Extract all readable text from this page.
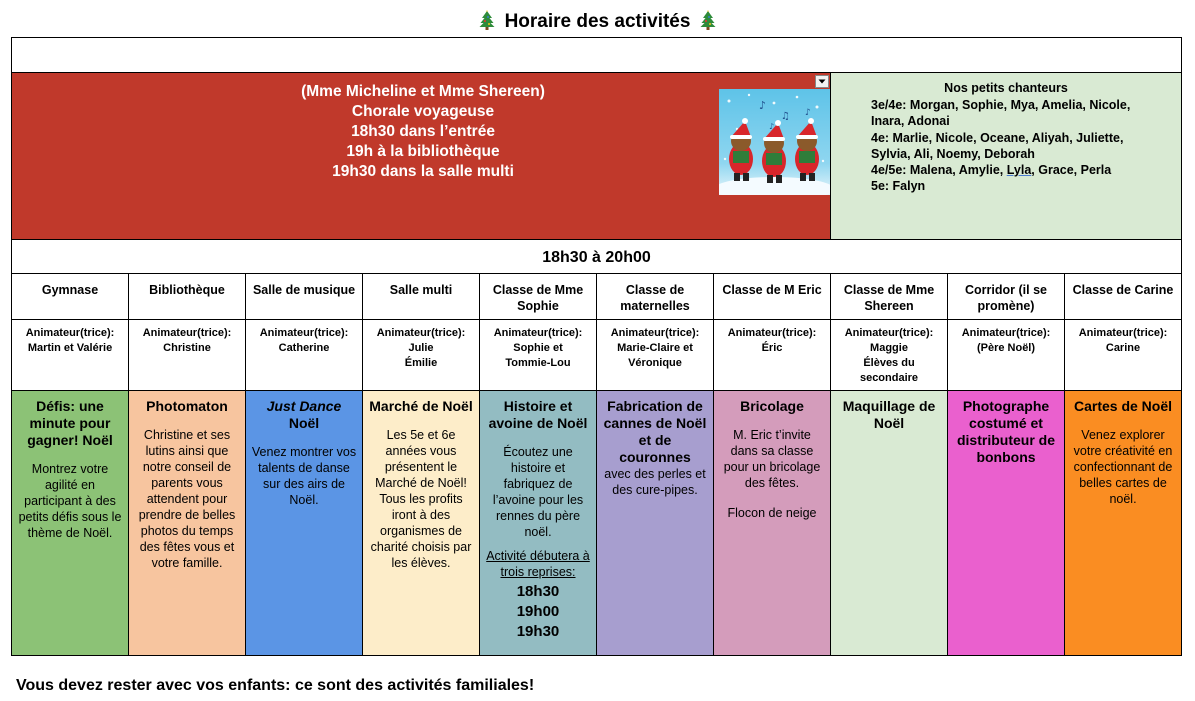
Horaire des activités
(Mme Micheline et Mme Shereen)
Chorale voyageuse
18h30 dans l’entrée
19h à la bibliothèque
19h30 dans la salle multi
♪
♫ ♪
♪
Nos petits chanteurs
3e/4e: Morgan, Sophie, Mya, Amelia, Nicole,
Inara, Adonai
4e: Marlie, Nicole, Oceane, Aliyah, Juliette,
Sylvia, Ali, Noemy, Deborah
4e/5e: Malena, Amylie, Lyla, Grace, Perla
5e: Falyn
18h30 à 20h00
Gymnase
Animateur(trice):
Martin et Valérie
Défis: une minute pour gagner! Noël
Montrez votre agilité en participant à des petits défis sous le thème de Noël.
Bibliothèque
Animateur(trice):
Christine
Photomaton
Christine et ses lutins ainsi que notre conseil de parents vous attendent pour prendre de belles photos du temps des fêtes vous et votre famille.
Salle de musique
Animateur(trice):
Catherine
Just Dance
Noël
Venez montrer vos talents de danse sur des airs de Noël.
Salle multi
Animateur(trice):
Julie
Émilie
Marché de Noël
Les 5e et 6e années vous présentent le Marché de Noël! Tous les profits iront à des organismes de charité choisis par les élèves.
Classe de Mme Sophie
Animateur(trice):
Sophie et
Tommie-Lou
Histoire et avoine de Noël
Écoutez une histoire et fabriquez de l’avoine pour les rennes du père noël.
Activité débutera à trois reprises:
18h30
19h00
19h30
Classe de maternelles
Animateur(trice):
Marie-Claire et
Véronique
Fabrication de cannes de Noël et de couronnes
avec des perles et des cure-pipes.
Classe de M Eric
Animateur(trice):
Éric
Bricolage
M. Eric t’invite dans sa classe pour un bricolage des fêtes.
Flocon de neige
Classe de Mme Shereen
Animateur(trice):
Maggie
Élèves du
secondaire
Maquillage de Noël
Corridor (il se promène)
Animateur(trice):
(Père Noël)
Photographe costumé et distributeur de bonbons
Classe de Carine
Animateur(trice):
Carine
Cartes de Noël
Venez explorer votre créativité en confectionnant de belles cartes de noël.
Vous devez rester avec vos enfants: ce sont des activités familiales!
